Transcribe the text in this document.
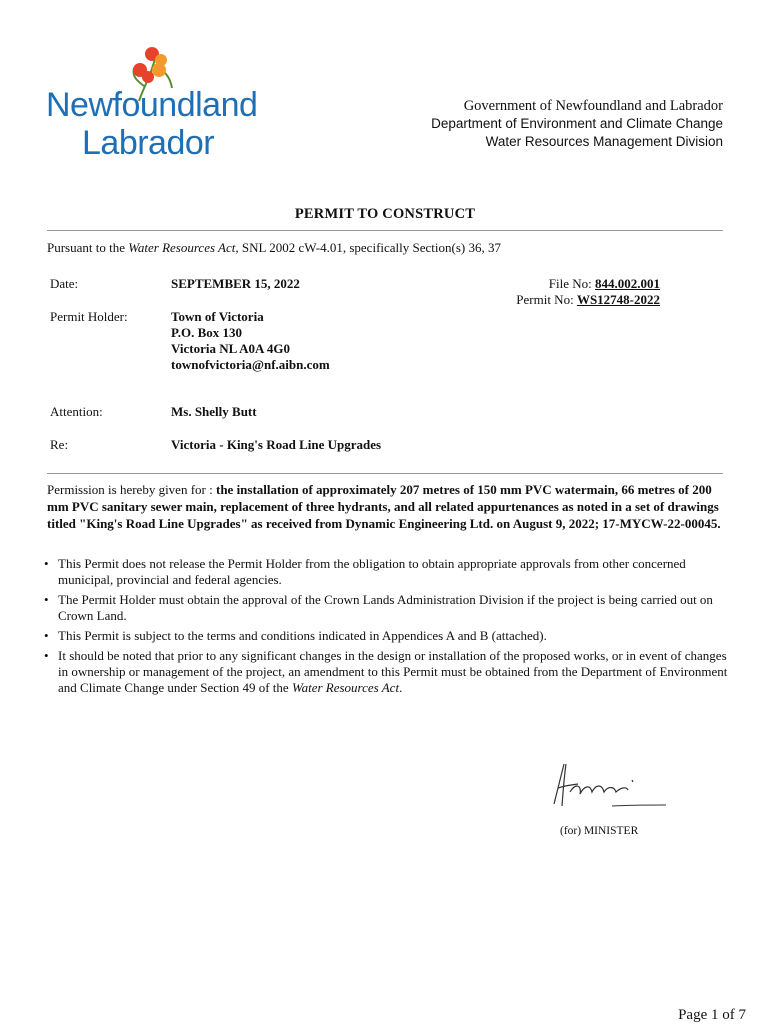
Newfoundland
Labrador
Government of Newfoundland and Labrador
Department of Environment and Climate Change
Water Resources Management Division
PERMIT TO CONSTRUCT
Pursuant to the Water Resources Act, SNL 2002 cW-4.01, specifically Section(s) 36, 37
Date:	SEPTEMBER 15, 2022	File No: 844.002.001
Permit No: WS12748-2022
Permit Holder:	Town of Victoria
P.O. Box 130
Victoria NL A0A 4G0
townofvictoria@nf.aibn.com
Attention:	Ms. Shelly Butt
Re:	Victoria - King's Road Line Upgrades
Permission is hereby given for : the installation of approximately 207 metres of 150 mm PVC watermain, 66 metres of 200 mm PVC sanitary sewer main, replacement of three hydrants, and all related appurtenances as noted in a set of drawings titled "King's Road Line Upgrades" as received from Dynamic Engineering Ltd. on August 9, 2022; 17-MYCW-22-00045.
• This Permit does not release the Permit Holder from the obligation to obtain appropriate approvals from other concerned municipal, provincial and federal agencies.
• The Permit Holder must obtain the approval of the Crown Lands Administration Division if the project is being carried out on Crown Land.
• This Permit is subject to the terms and conditions indicated in Appendices A and B (attached).
• It should be noted that prior to any significant changes in the design or installation of the proposed works, or in event of changes in ownership or management of the project, an amendment to this Permit must be obtained from the Department of Environment and Climate Change under Section 49 of the Water Resources Act.
(for) MINISTER
Page 1 of 7
